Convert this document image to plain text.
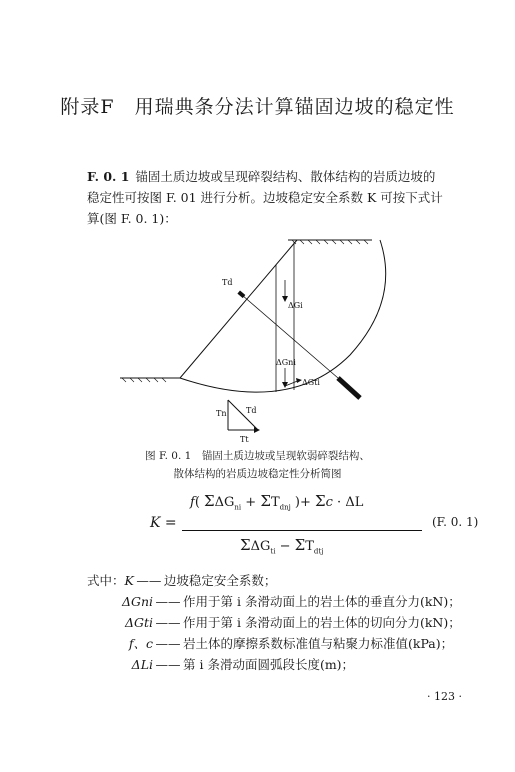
附录F　用瑞典条分法计算锚固边坡的稳定性
F. 0. 1 锚固土质边坡或呈现碎裂结构、散体结构的岩质边坡的
稳定性可按图 F. 01 进行分析。边坡稳定安全系数 K 可按下式计
算(图 F. 0. 1)：
Td
ΔGi
ΔGni
ΔGti
Tn Td
Tt
图 F. 0. 1　锚固土质边坡或呈现软弱碎裂结构、
散体结构的岩质边坡稳定性分析简图
K =
f( $\Sigma\Delta G_{ni} + \Sigma T_{dnj}$ )+ Σc · ΔL
$\Sigma\Delta G_{ti} - \Sigma T_{dtj}$
(F. 0. 1)
式中： K —— 边坡稳定安全系数；
ΔGni —— 作用于第 i 条滑动面上的岩土体的垂直分力(kN)；
ΔGti —— 作用于第 i 条滑动面上的岩土体的切向分力(kN)；
f、c —— 岩土体的摩擦系数标准值与粘聚力标准值(kPa)；
ΔLi —— 第 i 条滑动面圆弧段长度(m)；
· 123 ·
